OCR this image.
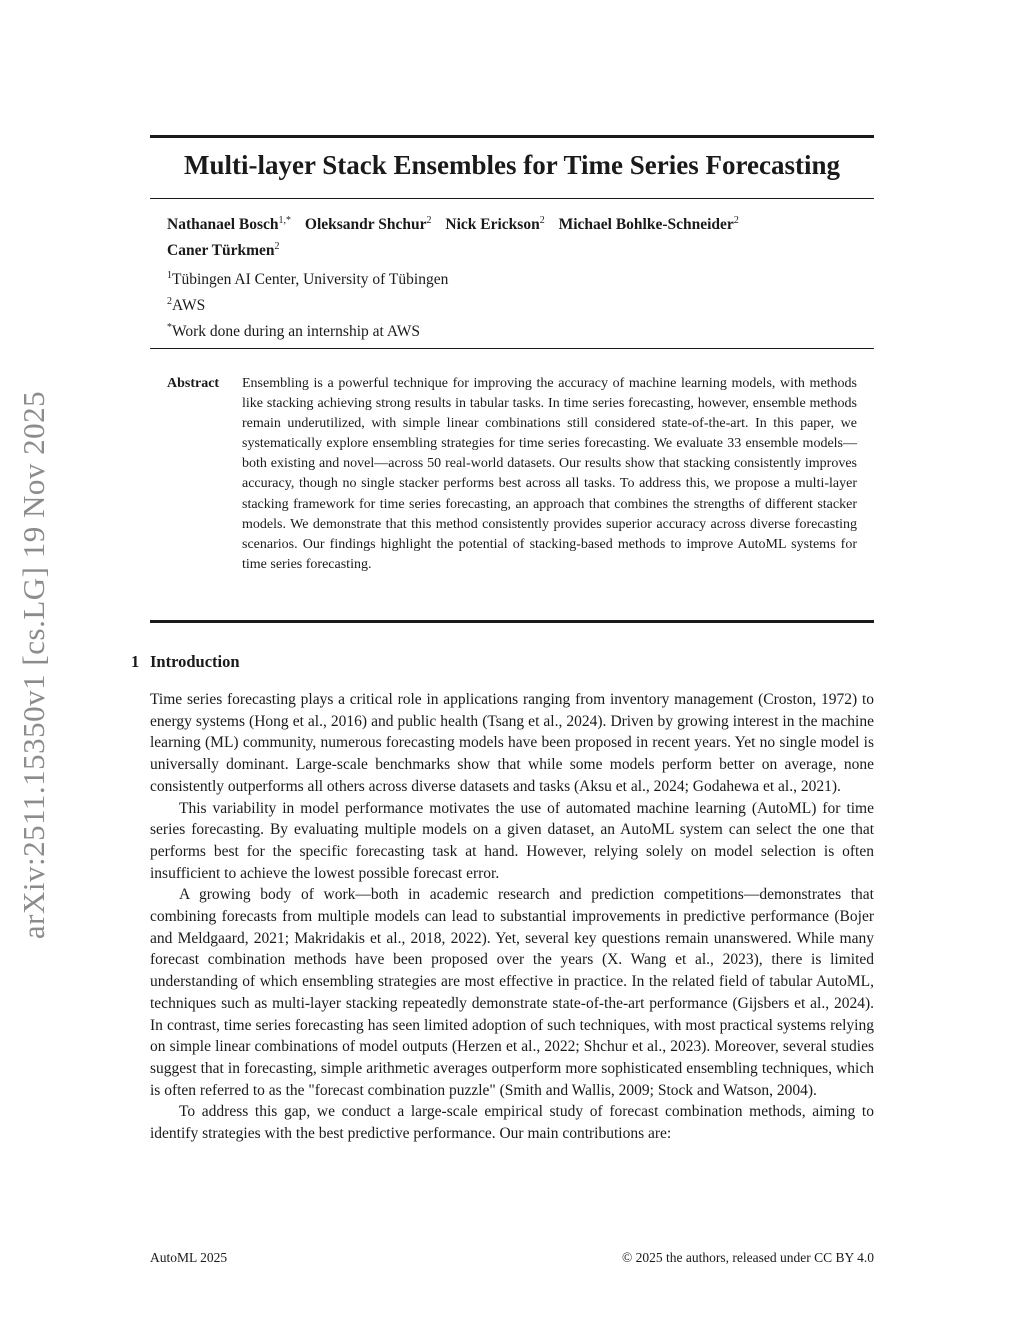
arXiv:2511.15350v1 [cs.LG] 19 Nov 2025
Multi-layer Stack Ensembles for Time Series Forecasting
Nathanael Bosch$^{1,*}$ Oleksandr Shchur$^2$ Nick Erickson$^2$ Michael Bohlke-Schneider$^2$
Caner Türkmen$^2$
$^1$Tübingen AI Center, University of Tübingen
$^2$AWS
*Work done during an internship at AWS
Abstract	Ensembling is a powerful technique for improving the accuracy of machine learning models, with methods like stacking achieving strong results in tabular tasks. In time series forecasting, however, ensemble methods remain underutilized, with simple linear combinations still considered state-of-the-art. In this paper, we systematically explore ensembling strategies for time series forecasting. We evaluate 33 ensemble models—both existing and novel—across 50 real-world datasets. Our results show that stacking consistently improves accuracy, though no single stacker performs best across all tasks. To address this, we propose a multi-layer stacking framework for time series forecasting, an approach that combines the strengths of different stacker models. We demonstrate that this method consistently provides superior accuracy across diverse forecasting scenarios. Our findings highlight the potential of stacking-based methods to improve AutoML systems for time series forecasting.
1 Introduction

Time series forecasting plays a critical role in applications ranging from inventory management (Croston, 1972) to energy systems (Hong et al., 2016) and public health (Tsang et al., 2024). Driven by growing interest in the machine learning (ML) community, numerous forecasting models have been proposed in recent years. Yet no single model is universally dominant. Large-scale benchmarks show that while some models perform better on average, none consistently outperforms all others across diverse datasets and tasks (Aksu et al., 2024; Godahewa et al., 2021).

This variability in model performance motivates the use of automated machine learning (AutoML) for time series forecasting. By evaluating multiple models on a given dataset, an AutoML system can select the one that performs best for the specific forecasting task at hand. However, relying solely on model selection is often insufficient to achieve the lowest possible forecast error.

A growing body of work—both in academic research and prediction competitions—demonstrates that combining forecasts from multiple models can lead to substantial improvements in predictive performance (Bojer and Meldgaard, 2021; Makridakis et al., 2018, 2022). Yet, several key questions remain unanswered. While many forecast combination methods have been proposed over the years (X. Wang et al., 2023), there is limited understanding of which ensembling strategies are most effective in practice. In the related field of tabular AutoML, techniques such as multi-layer stacking repeatedly demonstrate state-of-the-art performance (Gijsbers et al., 2024). In contrast, time series forecasting has seen limited adoption of such techniques, with most practical systems relying on simple linear combinations of model outputs (Herzen et al., 2022; Shchur et al., 2023). Moreover, several studies suggest that in forecasting, simple arithmetic averages outperform more sophisticated ensembling techniques, which is often referred to as the "forecast combination puzzle" (Smith and Wallis, 2009; Stock and Watson, 2004).

To address this gap, we conduct a large-scale empirical study of forecast combination methods, aiming to identify strategies with the best predictive performance. Our main contributions are:

AutoML 2025	© 2025 the authors, released under CC BY 4.0
